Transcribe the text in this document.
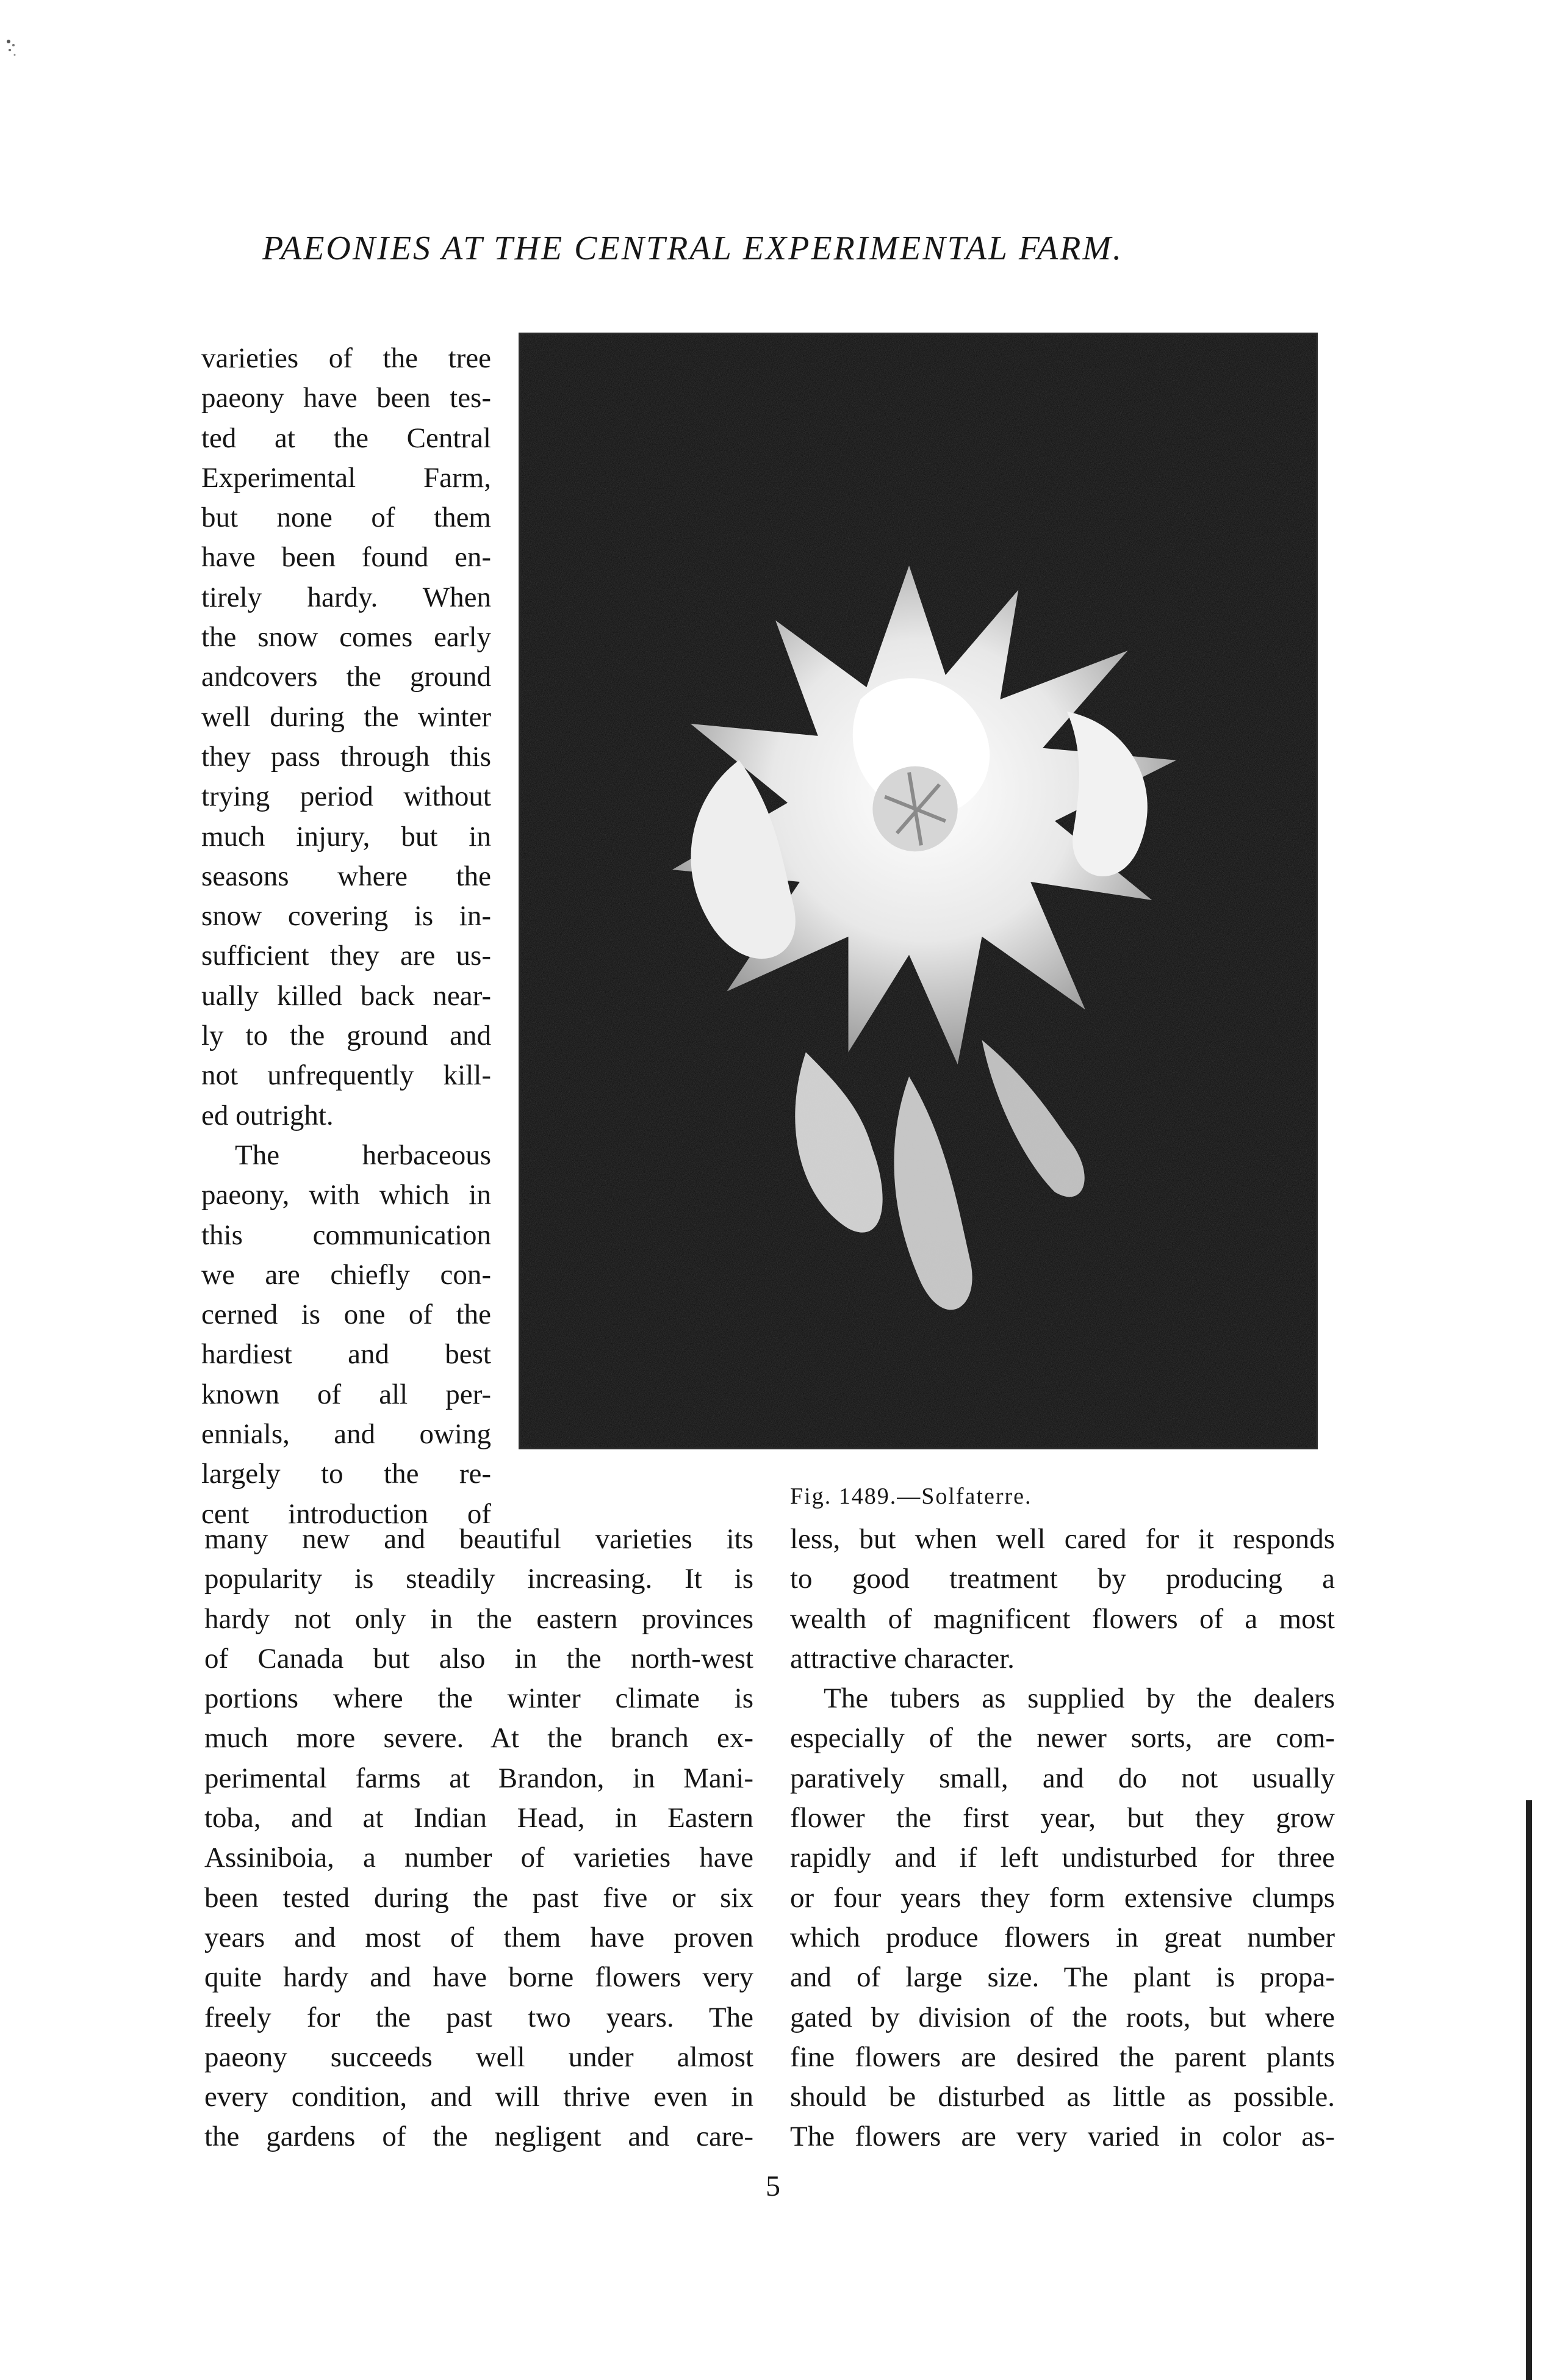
PAEONIES AT THE CENTRAL EXPERIMENTAL FARM.
varieties of the tree
paeony have been tes-
ted at the Central
Experimental Farm,
but none of them
have been found en-
tirely hardy. When
the snow comes early
andcovers the ground
well during the winter
they pass through this
trying period without
much injury, but in
seasons where the
snow covering is in-
sufficient they are us-
ually killed back near-
ly to the ground and
not unfrequently kill-
ed outright.
The herbaceous
paeony, with which in
this communication
we are chiefly con-
cerned is one of the
hardiest and best
known of all per-
ennials, and owing
largely to the re-
cent introduction of
Fig. 1489.—Solfaterre.
many new and beautiful varieties its
popularity is steadily increasing. It is
hardy not only in the eastern provinces
of Canada but also in the north-west
portions where the winter climate is
much more severe. At the branch ex-
perimental farms at Brandon, in Mani-
toba, and at Indian Head, in Eastern
Assiniboia, a number of varieties have
been tested during the past five or six
years and most of them have proven
quite hardy and have borne flowers very
freely for the past two years. The
paeony succeeds well under almost
every condition, and will thrive even in
the gardens of the negligent and care-
less, but when well cared for it responds
to good treatment by producing a
wealth of magnificent flowers of a most
attractive character.
The tubers as supplied by the dealers
especially of the newer sorts, are com-
paratively small, and do not usually
flower the first year, but they grow
rapidly and if left undisturbed for three
or four years they form extensive clumps
which produce flowers in great number
and of large size. The plant is propa-
gated by division of the roots, but where
fine flowers are desired the parent plants
should be disturbed as little as possible.
The flowers are very varied in color as-
5
